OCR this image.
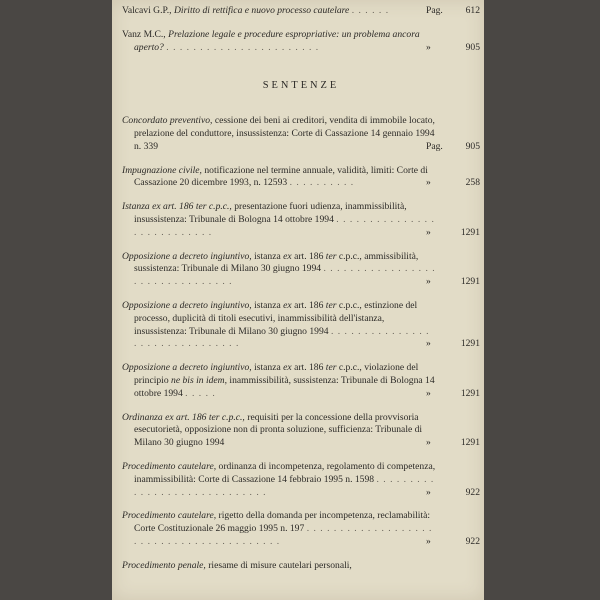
Valcavi G.P., Diritto di rettifica e nuovo processo cautelare . . . . . .	Pag. 612
Vanz M.C., Prelazione legale e procedure espropriative: un problema ancora aperto? . . . . . . . . . . . . . . . . . . . . . . .	»	905
SENTENZE
Concordato preventivo, cessione dei beni ai creditori, vendita di immobile locato, prelazione del conduttore, insussistenza: Corte di Cassazione 14 gennaio 1994 n. 339	Pag. 905
Impugnazione civile, notificazione nel termine annuale, validità, limiti: Corte di Cassazione 20 dicembre 1993, n. 12593 . . . . . . . . . .	»	258
Istanza ex art. 186 ter c.p.c., presentazione fuori udienza, inammissibilità, insussistenza: Tribunale di Bologna 14 ottobre 1994 . . . . . . . . . . . . . . . . . . . . . . . . . . .	»	1291
Opposizione a decreto ingiuntivo, istanza ex art. 186 ter c.p.c., ammissibilità, sussistenza: Tribunale di Milano 30 giugno 1994 . . . . . . . . . . . . . . . . . . . . . . . . . . . . . . . .	»	1291
Opposizione a decreto ingiuntivo, istanza ex art. 186 ter c.p.c., estinzione del processo, duplicità di titoli esecutivi, inammissibilità dell'istanza, insussistenza: Tribunale di Milano 30 giugno 1994 . . . . . . . . . . . . . . . . . . . . . . . . . . . . . . .	»	1291
Opposizione a decreto ingiuntivo, istanza ex art. 186 ter c.p.c., violazione del principio ne bis in idem, inammissibilità, sussistenza: Tribunale di Bologna 14 ottobre 1994 . . . . .	»	1291
Ordinanza ex art. 186 ter c.p.c., requisiti per la concessione della provvisoria esecutorietà, opposizione non di pronta soluzione, sufficienza: Tribunale di Milano 30 giugno 1994	»	1291
Procedimento cautelare, ordinanza di incompetenza, regolamento di competenza, inammissibilità: Corte di Cassazione 14 febbraio 1995 n. 1598 . . . . . . . . . . . . . . . . . . . . . . . . . . . . .	»	922
Procedimento cautelare, rigetto della domanda per incompetenza, reclamabilità: Corte Costituzionale 26 maggio 1995 n. 197 . . . . . . . . . . . . . . . . . . . . . . . . . . . . . . . . . . . . . . . . .	»	922
Procedimento penale, riesame di misure cautelari personali,
